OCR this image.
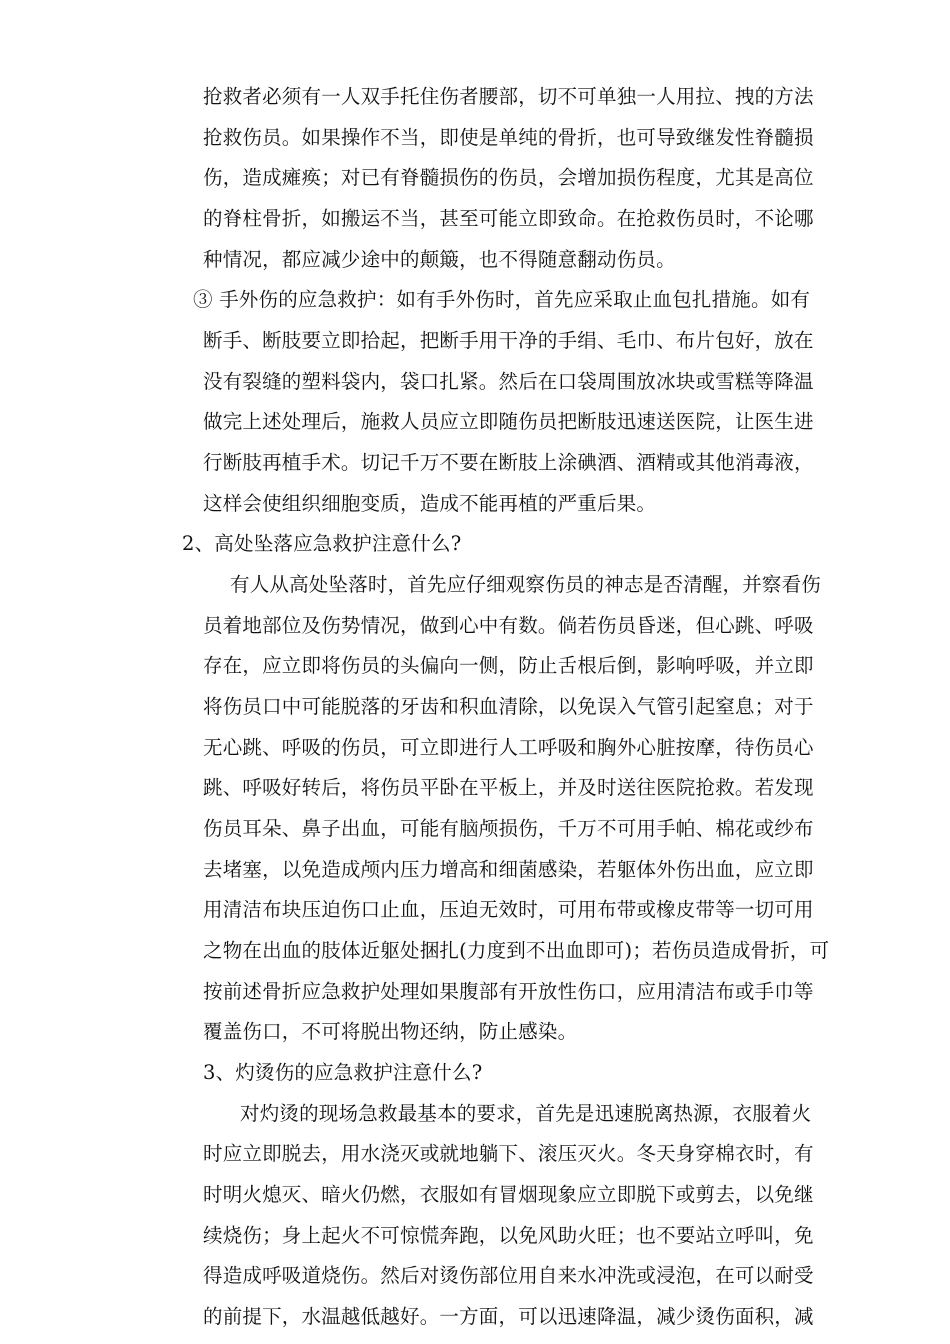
抢救者必须有一人双手托住伤者腰部，切不可单独一人用拉、拽的方法
抢救伤员。如果操作不当，即使是单纯的骨折，也可导致继发性脊髓损
伤，造成瘫痪；对已有脊髓损伤的伤员，会增加损伤程度，尤其是高位
的脊柱骨折，如搬运不当，甚至可能立即致命。在抢救伤员时，不论哪
种情况，都应减少途中的颠簸，也不得随意翻动伤员。
③ 手外伤的应急救护：如有手外伤时，首先应采取止血包扎措施。如有
断手、断肢要立即拾起，把断手用干净的手绢、毛巾、布片包好，放在
没有裂缝的塑料袋内，袋口扎紧。然后在口袋周围放冰块或雪糕等降温
做完上述处理后，施救人员应立即随伤员把断肢迅速送医院，让医生进
行断肢再植手术。切记千万不要在断肢上涂碘酒、酒精或其他消毒液，
这样会使组织细胞变质，造成不能再植的严重后果。
2、高处坠落应急救护注意什么?
有人从高处坠落时，首先应仔细观察伤员的神志是否清醒，并察看伤
员着地部位及伤势情况，做到心中有数。倘若伤员昏迷，但心跳、呼吸
存在，应立即将伤员的头偏向一侧，防止舌根后倒，影响呼吸，并立即
将伤员口中可能脱落的牙齿和积血清除，以免误入气管引起窒息；对于
无心跳、呼吸的伤员，可立即进行人工呼吸和胸外心脏按摩，待伤员心
跳、呼吸好转后，将伤员平卧在平板上，并及时送往医院抢救。若发现
伤员耳朵、鼻子出血，可能有脑颅损伤，千万不可用手帕、棉花或纱布
去堵塞，以免造成颅内压力增高和细菌感染，若躯体外伤出血，应立即
用清洁布块压迫伤口止血，压迫无效时，可用布带或橡皮带等一切可用
之物在出血的肢体近躯处捆扎(力度到不出血即可)；若伤员造成骨折，可
按前述骨折应急救护处理如果腹部有开放性伤口，应用清洁布或手巾等
覆盖伤口，不可将脱出物还纳，防止感染。
3、灼烫伤的应急救护注意什么?
对灼烫的现场急救最基本的要求，首先是迅速脱离热源，衣服着火
时应立即脱去，用水浇灭或就地躺下、滚压灭火。冬天身穿棉衣时，有
时明火熄灭、暗火仍燃，衣服如有冒烟现象应立即脱下或剪去，以免继
续烧伤；身上起火不可惊慌奔跑，以免风助火旺；也不要站立呼叫，免
得造成呼吸道烧伤。然后对烫伤部位用自来水冲洗或浸泡，在可以耐受
的前提下，水温越低越好。一方面，可以迅速降温，减少烫伤面积，减
